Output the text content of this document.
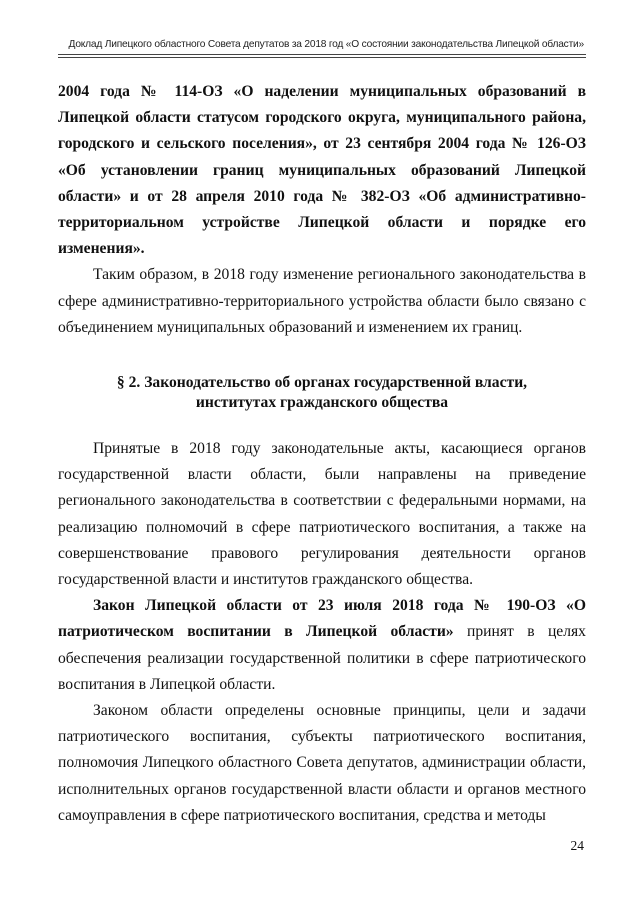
Доклад Липецкого областного Совета депутатов за 2018 год «О состоянии законодательства Липецкой области»

2004 года № 114-ОЗ «О наделении муниципальных образований в Липецкой области статусом городского округа, муниципального района, городского и сельского поселения», от 23 сентября 2004 года № 126-ОЗ «Об установлении границ муниципальных образований Липецкой области» и от 28 апреля 2010 года № 382-ОЗ «Об административно-территориальном устройстве Липецкой области и порядке его изменения».

Таким образом, в 2018 году изменение регионального законодательства в сфере административно-территориального устройства области было связано с объединением муниципальных образований и изменением их границ.

§ 2. Законодательство об органах государственной власти,

институтах гражданского общества

Принятые в 2018 году законодательные акты, касающиеся органов государственной власти области, были направлены на приведение регионального законодательства в соответствии с федеральными нормами, на реализацию полномочий в сфере патриотического воспитания, а также на совершенствование правового регулирования деятельности органов государственной власти и институтов гражданского общества.

Закон Липецкой области от 23 июля 2018 года № 190-ОЗ «О патриотическом воспитании в Липецкой области» принят в целях обеспечения реализации государственной политики в сфере патриотического воспитания в Липецкой области.

Законом области определены основные принципы, цели и задачи патриотического воспитания, субъекты патриотического воспитания, полномочия Липецкого областного Совета депутатов, администрации области, исполнительных органов государственной власти области и органов местного самоуправления в сфере патриотического воспитания, средства и методы

24
